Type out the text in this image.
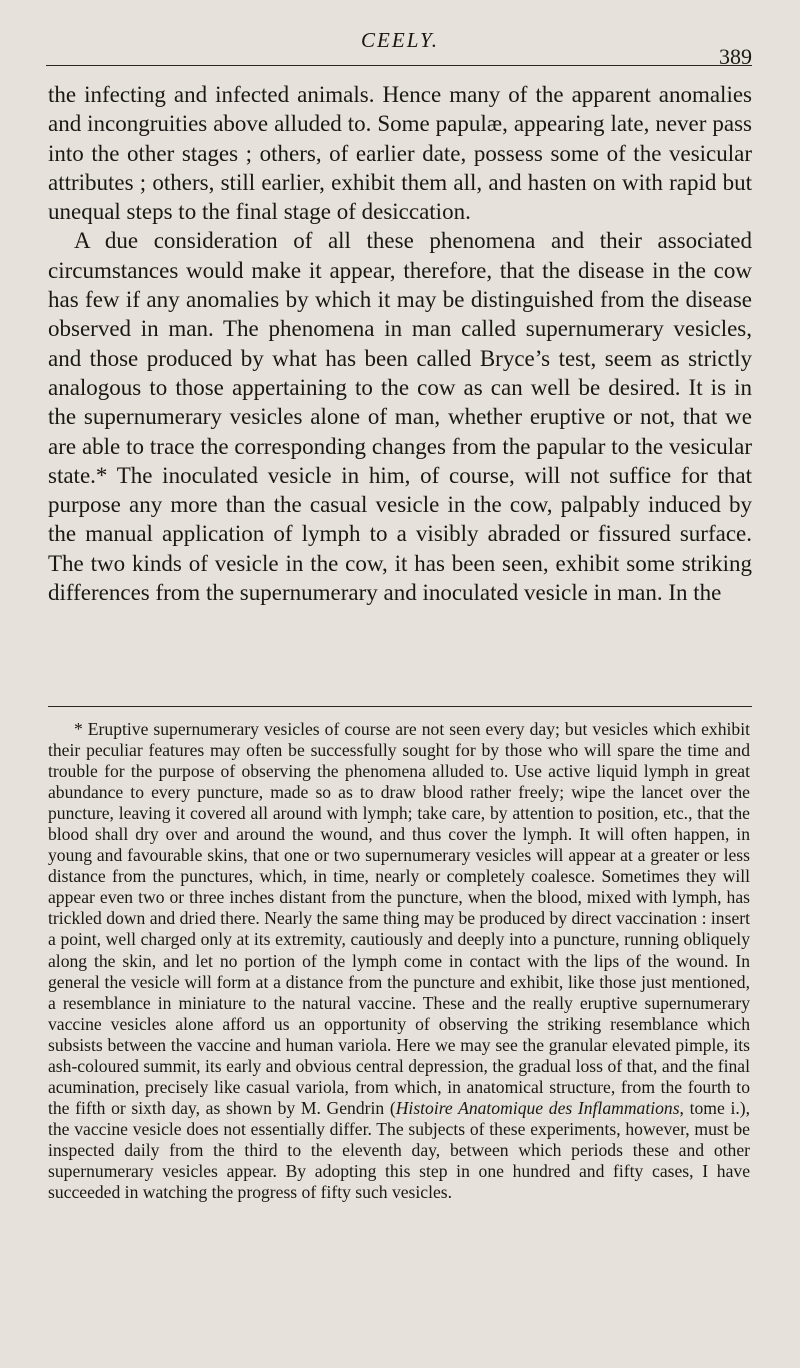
CEELY.
389

the infecting and infected animals. Hence many of the apparent anomalies and incongruities above alluded to. Some papulæ, appearing late, never pass into the other stages ; others, of earlier date, possess some of the vesicular attributes ; others, still earlier, exhibit them all, and hasten on with rapid but unequal steps to the final stage of desiccation.

A due consideration of all these phenomena and their associated circumstances would make it appear, therefore, that the disease in the cow has few if any anomalies by which it may be distinguished from the disease observed in man. The phenomena in man called supernumerary vesicles, and those produced by what has been called Bryce’s test, seem as strictly analogous to those appertaining to the cow as can well be desired. It is in the supernumerary vesicles alone of man, whether eruptive or not, that we are able to trace the corresponding changes from the papular to the vesicular state.* The inoculated vesicle in him, of course, will not suffice for that purpose any more than the casual vesicle in the cow, palpably induced by the manual application of lymph to a visibly abraded or fissured surface. The two kinds of vesicle in the cow, it has been seen, exhibit some striking differences from the supernumerary and inoculated vesicle in man. In the

* Eruptive supernumerary vesicles of course are not seen every day; but vesicles which exhibit their peculiar features may often be successfully sought for by those who will spare the time and trouble for the purpose of observing the phenomena alluded to. Use active liquid lymph in great abundance to every puncture, made so as to draw blood rather freely; wipe the lancet over the puncture, leaving it covered all around with lymph; take care, by attention to position, etc., that the blood shall dry over and around the wound, and thus cover the lymph. It will often happen, in young and favourable skins, that one or two supernumerary vesicles will appear at a greater or less distance from the punctures, which, in time, nearly or completely coalesce. Sometimes they will appear even two or three inches distant from the puncture, when the blood, mixed with lymph, has trickled down and dried there. Nearly the same thing may be produced by direct vaccination : insert a point, well charged only at its extremity, cautiously and deeply into a puncture, running obliquely along the skin, and let no portion of the lymph come in contact with the lips of the wound. In general the vesicle will form at a distance from the puncture and exhibit, like those just mentioned, a resemblance in miniature to the natural vaccine. These and the really eruptive supernumerary vaccine vesicles alone afford us an opportunity of observing the striking resemblance which subsists between the vaccine and human variola. Here we may see the granular elevated pimple, its ash-coloured summit, its early and obvious central depression, the gradual loss of that, and the final acumination, precisely like casual variola, from which, in anatomical structure, from the fourth to the fifth or sixth day, as shown by M. Gendrin (Histoire Anatomique des Inflammations, tome i.), the vaccine vesicle does not essentially differ. The subjects of these experiments, however, must be inspected daily from the third to the eleventh day, between which periods these and other supernumerary vesicles appear. By adopting this step in one hundred and fifty cases, I have succeeded in watching the progress of fifty such vesicles.
